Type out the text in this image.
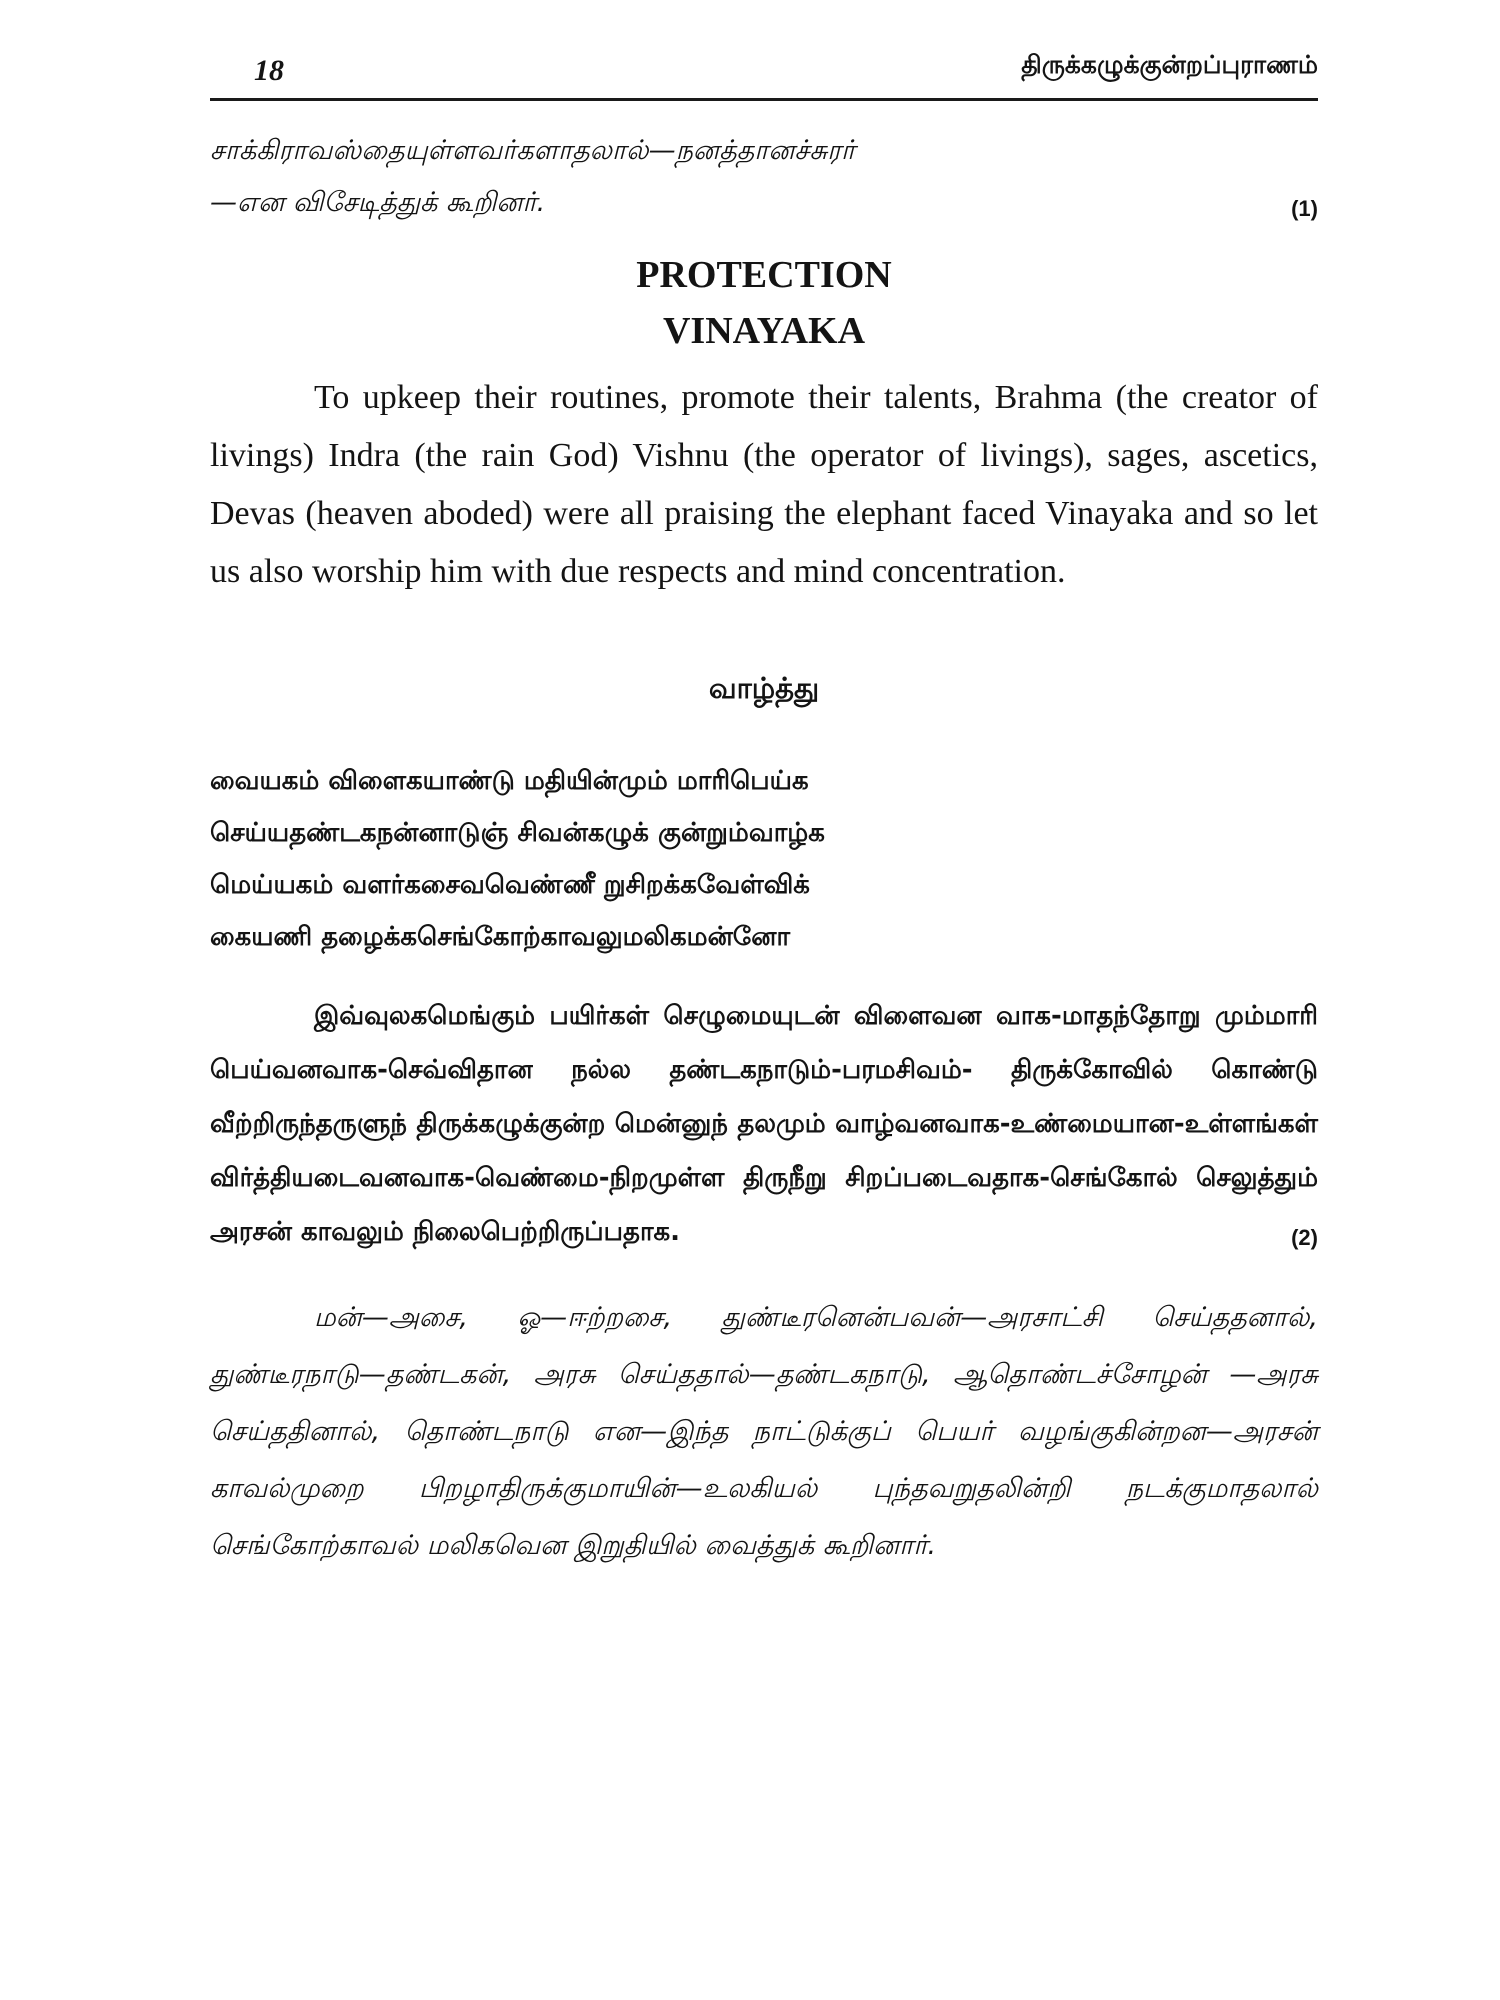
18	திருக்கழுக்குன்றப்புராணம்
சாக்கிராவஸ்தையுள்ளவர்களாதலால்—நனத்தானச்சுரர்
—என விசேடித்துக் கூறினர்.	(1)
PROTECTION
VINAYAKA

To upkeep their routines, promote their talents, Brahma (the creator of livings) Indra (the rain God) Vishnu (the operator of livings), sages, ascetics, Devas (heaven aboded) were all praising the elephant faced Vinayaka and so let us also worship him with due respects and mind concentration.

வாழ்த்து
வையகம் விளைகயாண்டு மதியின்மும் மாரிபெய்க
செய்யதண்டகநன்னாடுஞ் சிவன்கழுக் குன்றும்வாழ்க
மெய்யகம் வளர்கசைவவெண்ணீ றுசிறக்கவேள்விக்
கையணி தழைக்கசெங்கோற்காவலுமலிகமன்னோ
இவ்வுலகமெங்கும் பயிர்கள் செழுமையுடன் விளைவன வாக-மாதந்தோறு மும்மாரி பெய்வனவாக-செவ்விதான நல்ல தண்டகநாடும்-பரமசிவம்- திருக்கோவில் கொண்டு வீற்றிருந்தருளுந் திருக்கழுக்குன்ற மென்னுந் தலமும் வாழ்வனவாக-உண்மையான-உள்ளங்கள் விர்த்தியடைவனவாக-வெண்மை-நிறமுள்ள திருநீறு சிறப்படைவதாக-செங்கோல் செலுத்தும் அரசன் காவலும் நிலைபெற்றிருப்பதாக.	(2)
மன்—அசை, ஓ—ஈற்றசை, துண்டீரனென்பவன்—அரசாட்சி செய்ததனால், துண்டீரநாடு—தண்டகன், அரசு செய்ததால்—தண்டகநாடு, ஆதொண்டச்சோழன் —அரசு செய்ததினால், தொண்டநாடு என—இந்த நாட்டுக்குப் பெயர் வழங்குகின்றன—அரசன் காவல்முறை பிறழாதிருக்குமாயின்—உலகியல் புந்தவறுதலின்றி நடக்குமாதலால் செங்கோற்காவல் மலிகவென இறுதியில் வைத்துக் கூறினார்.
